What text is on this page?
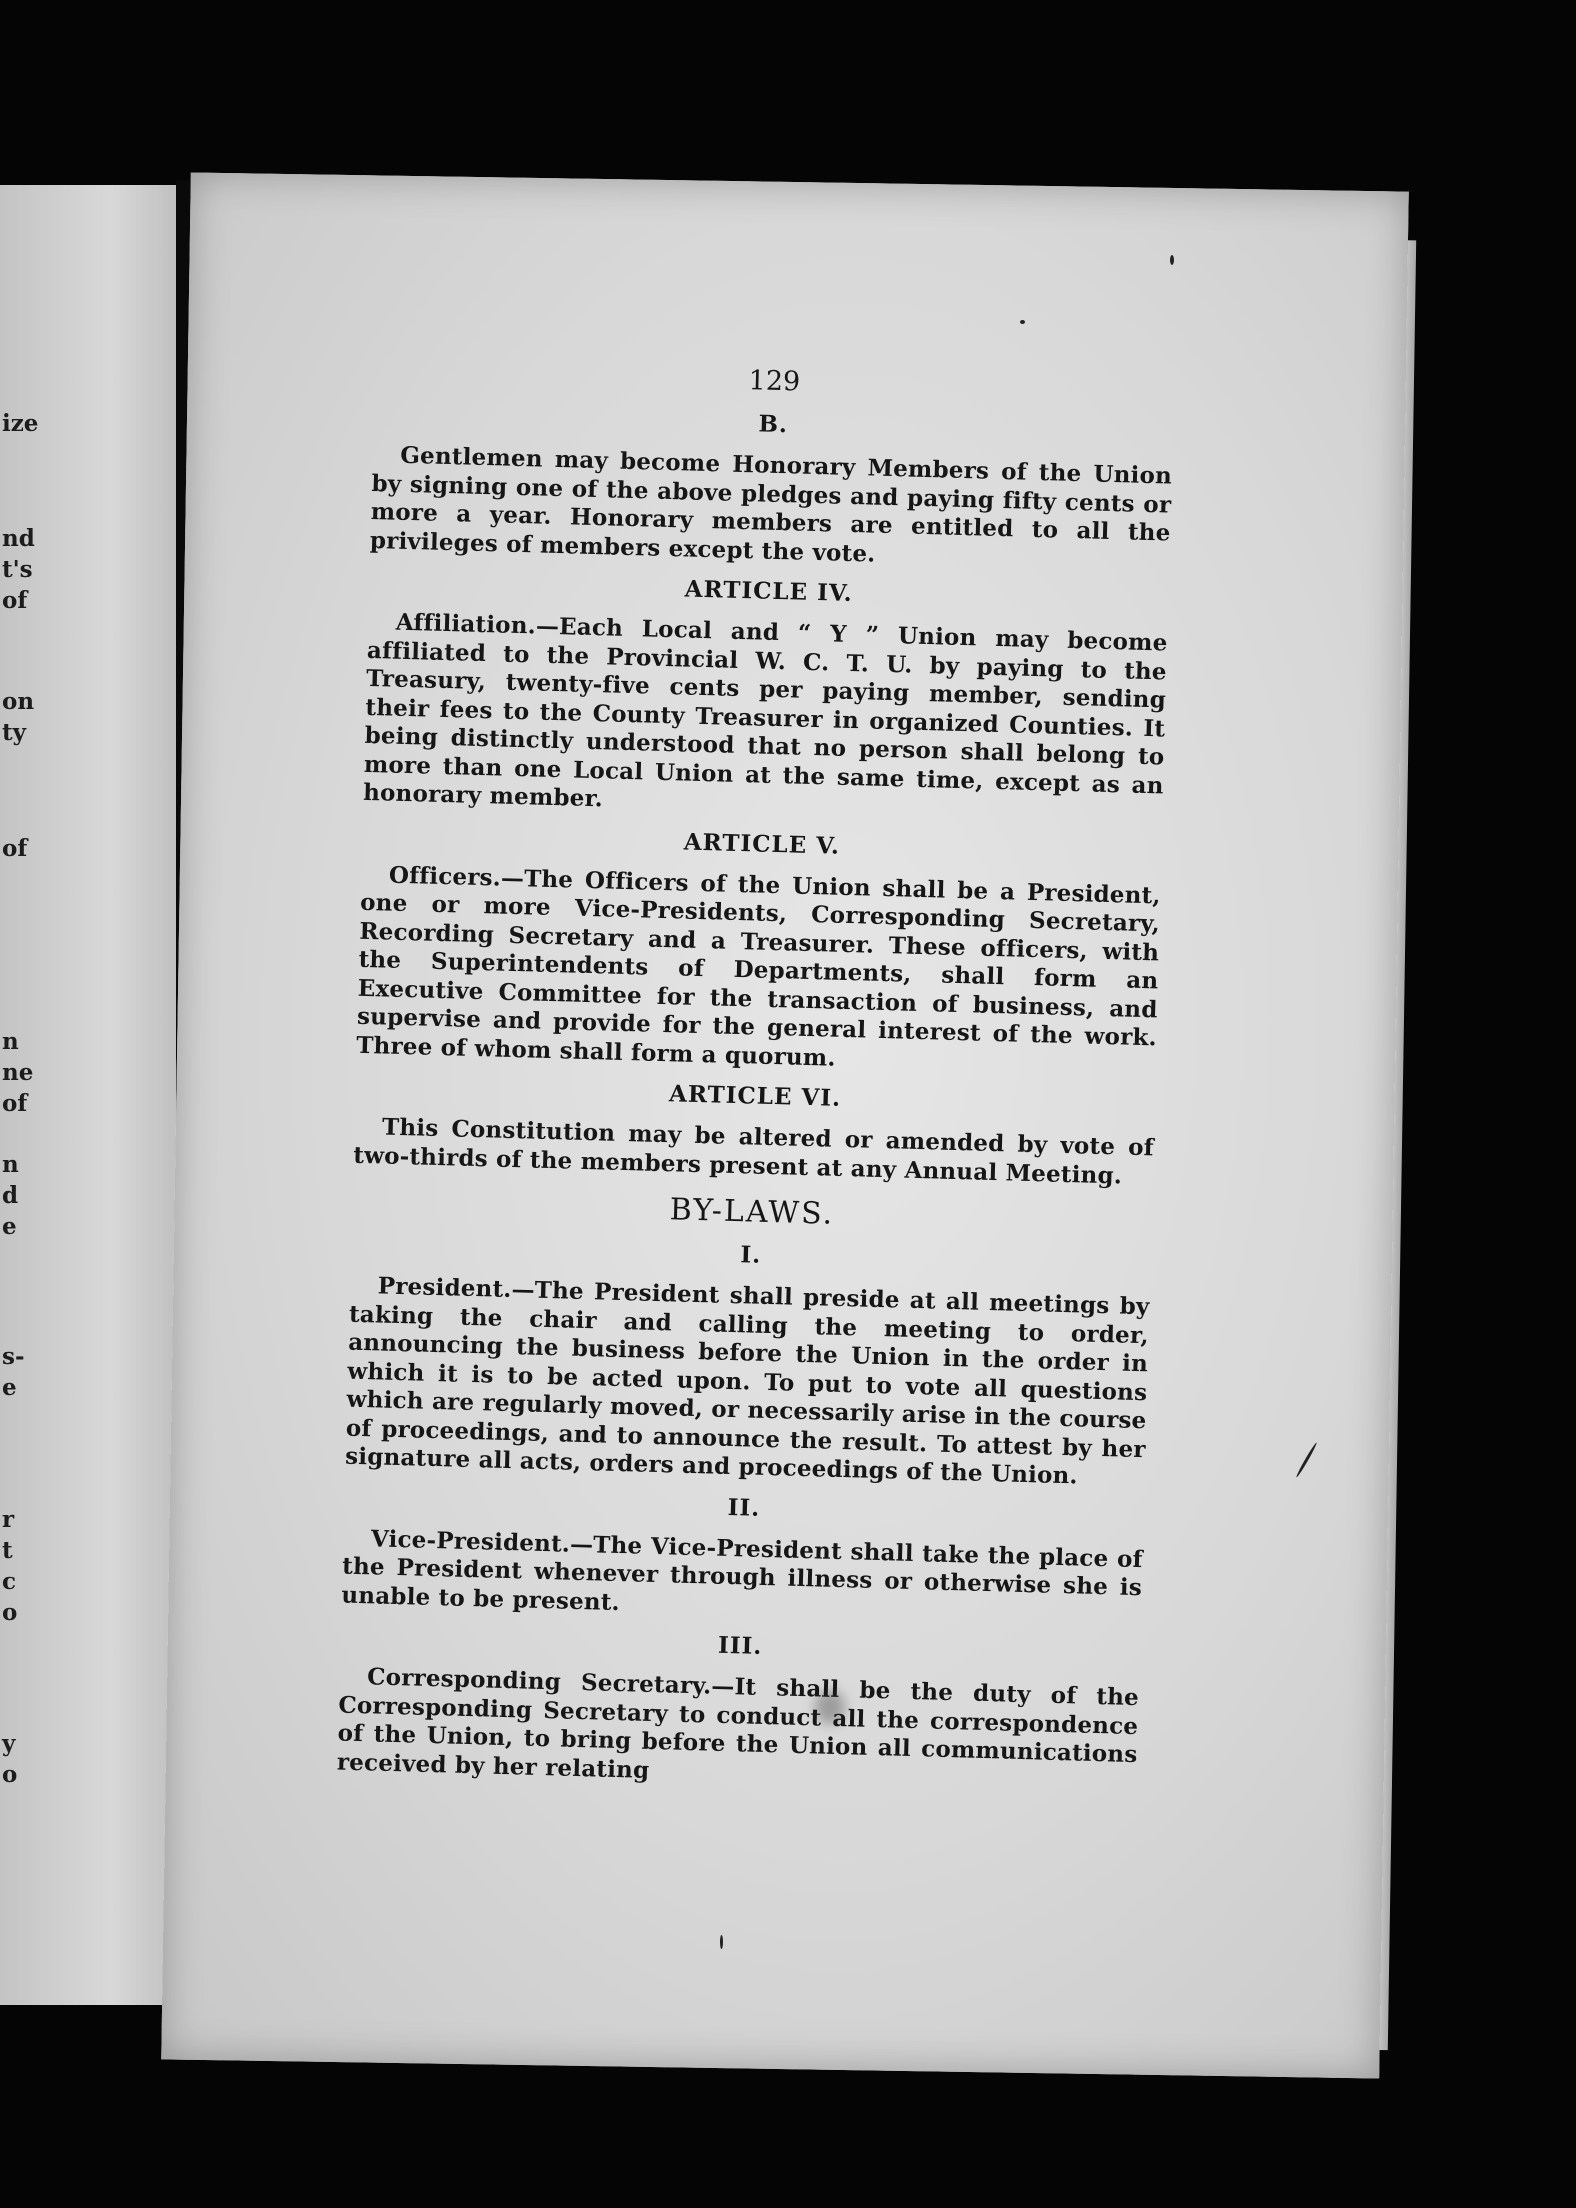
ize
nd
t's
of
on
ty
of
n
ne
of
n
d
e
s-
e
r
t
c
o
y
o
129
B.

Gentlemen may become Honorary Members of the Union by signing one of the above pledges and paying fifty cents or more a year. Honorary members are entitled to all the privileges of members except the vote.

ARTICLE IV.

Affiliation.—Each Local and “ Y ” Union may become affiliated to the Provincial W. C. T. U. by paying to the Treasury, twenty-five cents per paying member, sending their fees to the County Treasurer in organized Counties. It being distinctly understood that no person shall belong to more than one Local Union at the same time, except as an honorary member.

ARTICLE V.

Officers.—The Officers of the Union shall be a President, one or more Vice-Presidents, Corresponding Secretary, Recording Secretary and a Treasurer. These officers, with the Superintendents of Departments, shall form an Executive Committee for the transaction of business, and supervise and provide for the general interest of the work. Three of whom shall form a quorum.

ARTICLE VI.

This Constitution may be altered or amended by vote of two-thirds of the members present at any Annual Meeting.

BY-LAWS.
I.

President.—The President shall preside at all meetings by taking the chair and calling the meeting to order, announcing the business before the Union in the order in which it is to be acted upon. To put to vote all questions which are regularly moved, or necessarily arise in the course of proceedings, and to announce the result. To attest by her signature all acts, orders and proceedings of the Union.

II.

Vice-President.—The Vice-President shall take the place of the President whenever through illness or otherwise she is unable to be present.

III.

Corresponding Secretary.—It shall be the duty of the Corresponding Secretary to conduct all the correspondence of the Union, to bring before the Union all communications received by her relating
